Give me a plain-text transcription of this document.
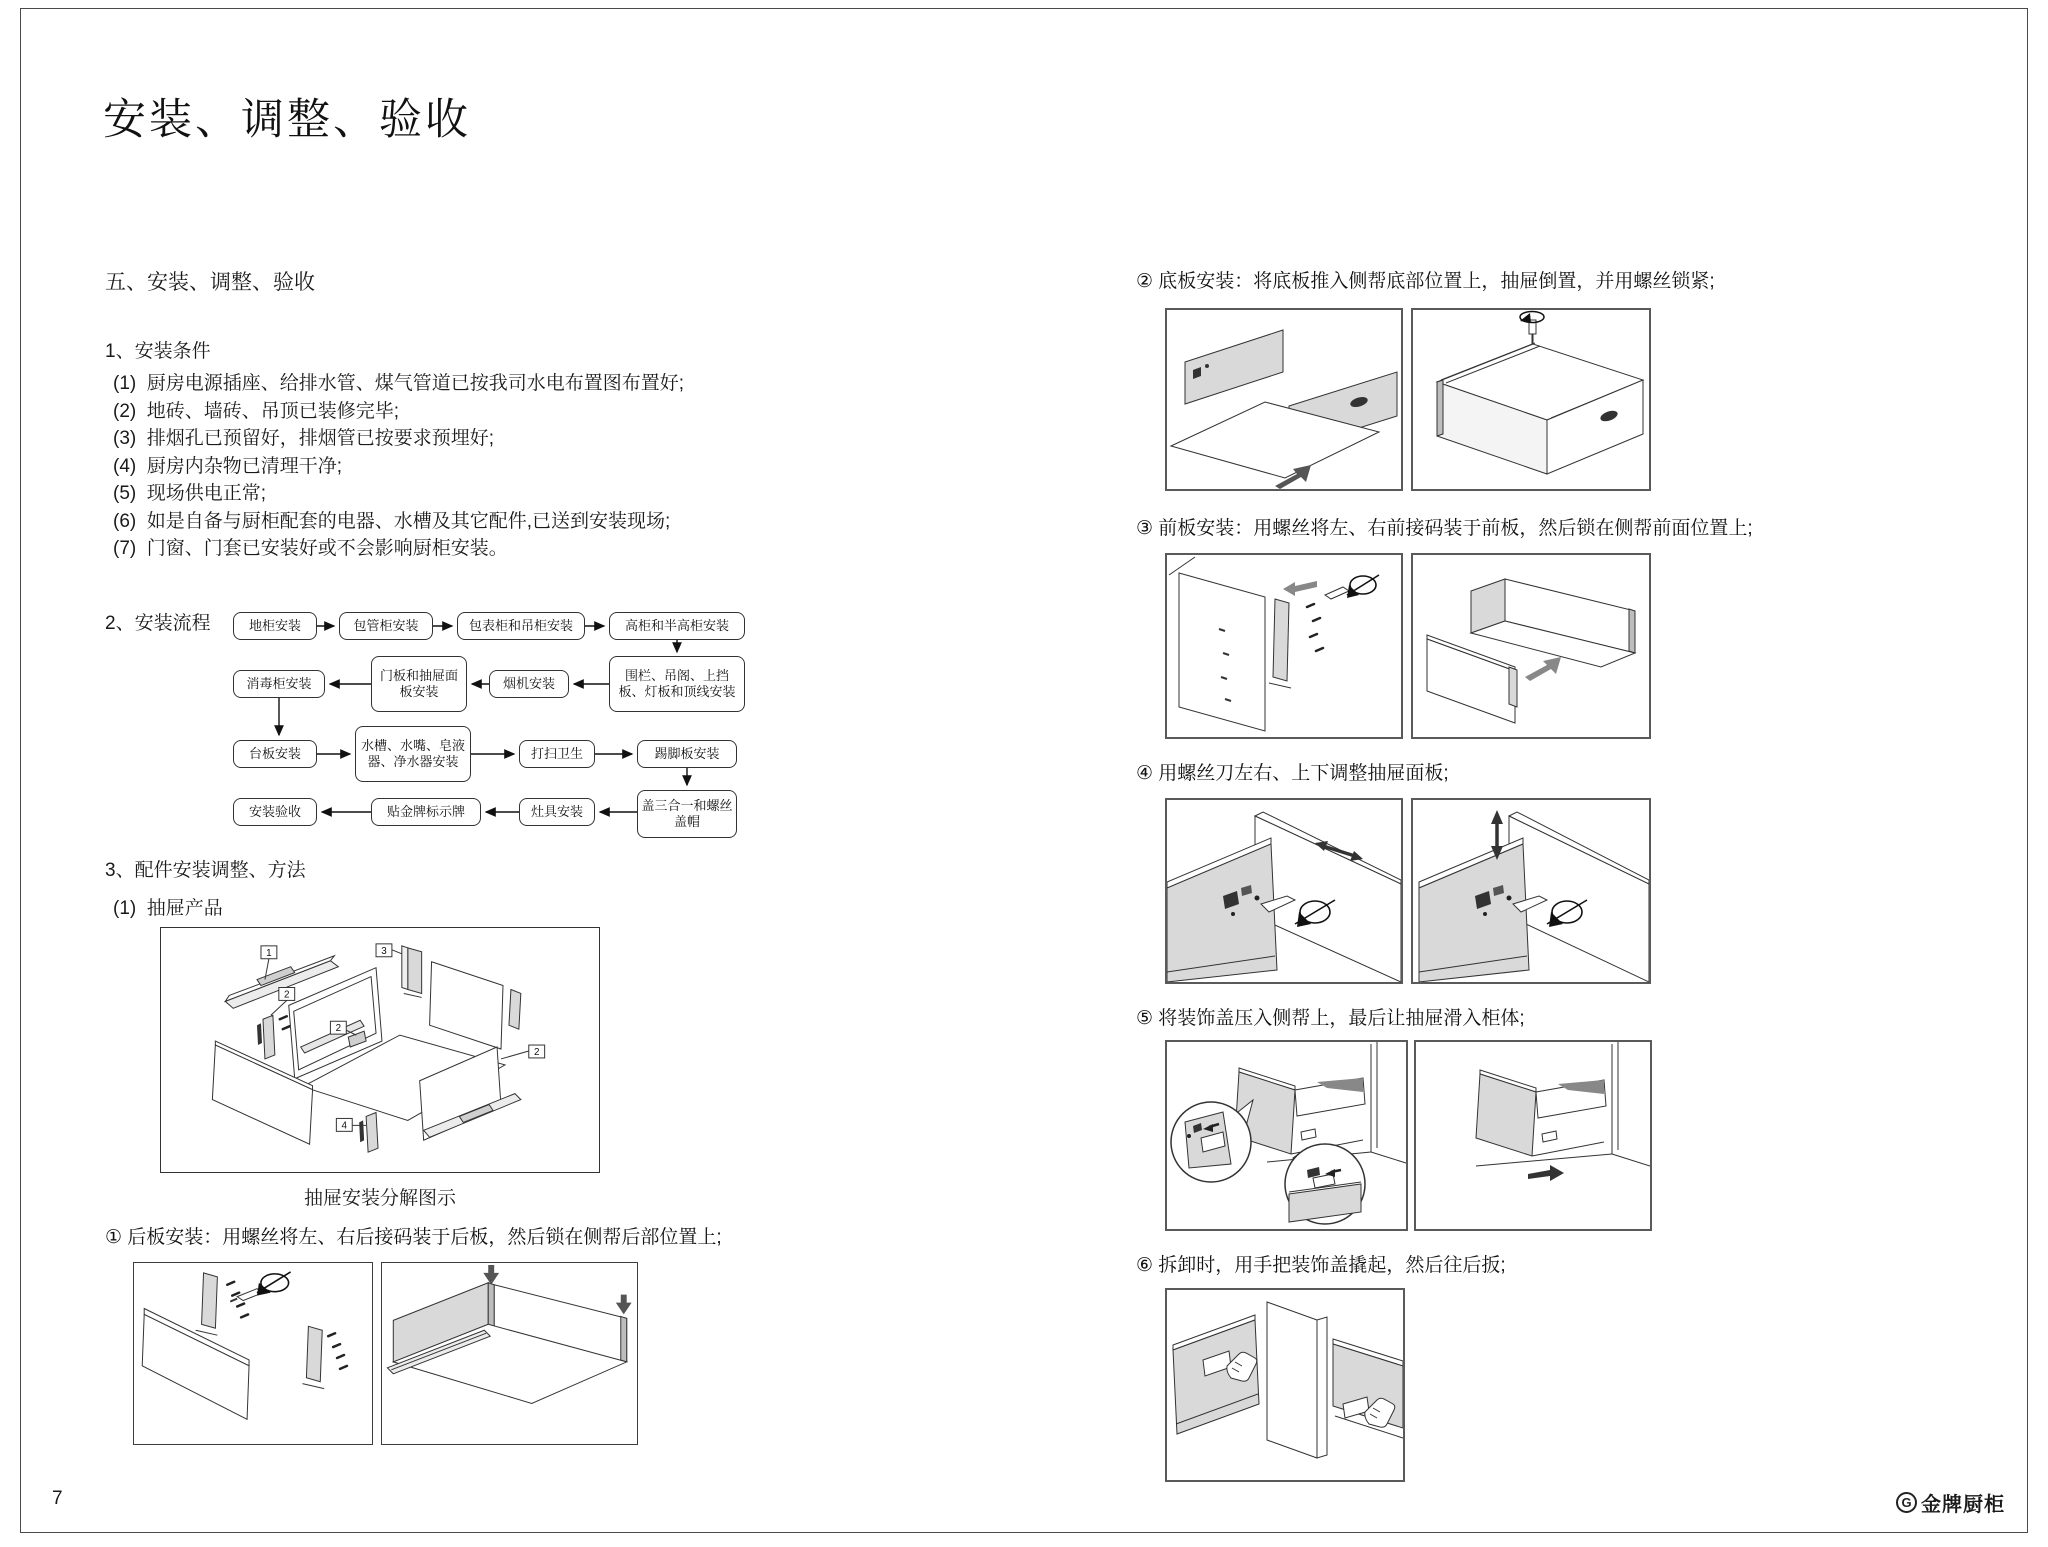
安装、调整、验收
五、安装、调整、验收
1、安装条件
(1)  厨房电源插座、给排水管、煤气管道已按我司水电布置图布置好;
(2)  地砖、墙砖、吊顶已装修完毕;
(3)  排烟孔已预留好，排烟管已按要求预埋好;
(4)  厨房内杂物已清理干净;
(5)  现场供电正常;
(6)  如是自备与厨柜配套的电器、水槽及其它配件,已送到安装现场;
(7)  门窗、门套已安装好或不会影响厨柜安装。
2、安装流程	地柜安装	包管柜安装	包表柜和吊柜安装	高柜和半高柜安装
围栏、吊阁、上挡板、灯板和顶线安装
烟机安装
门板和抽屉面板安装
消毒柜安装
台板安装
水槽、水嘴、皂液器、净水器安装
打扫卫生	踢脚板安装
安装验收	贴金牌标示牌	灶具安装	盖三合一和螺丝盖帽
3、配件安装调整、方法
(1)  抽屉产品
1
2
3
2
2
4
抽屉安装分解图示
① 后板安装：用螺丝将左、右后接码装于后板，然后锁在侧帮后部位置上;
7
② 底板安装：将底板推入侧帮底部位置上，抽屉倒置，并用螺丝锁紧;
③ 前板安装：用螺丝将左、右前接码装于前板，然后锁在侧帮前面位置上;
④ 用螺丝刀左右、上下调整抽屉面板;
⑤ 将装饰盖压入侧帮上，最后让抽屉滑入柜体;
⑥ 拆卸时，用手把装饰盖撬起，然后往后扳;
G 金牌厨柜
